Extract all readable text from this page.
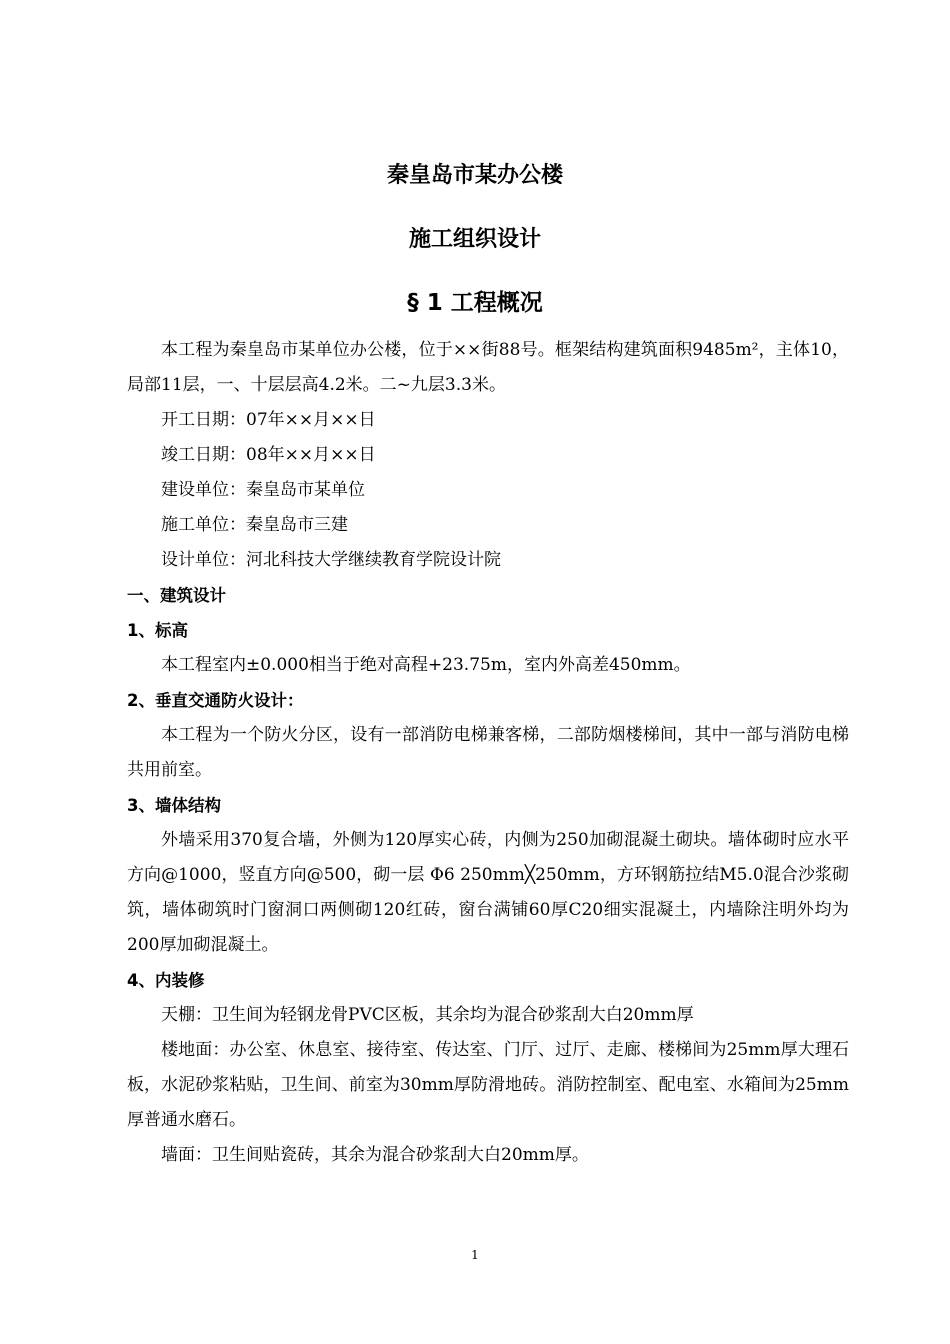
秦皇岛市某办公楼
施工组织设计
§ 1 工程概况

本工程为秦皇岛市某单位办公楼，位于××街88号。框架结构建筑面积9485m²，主体10，局部11层，一、十层层高4.2米。二~九层3.3米。

开工日期：07年××月××日

竣工日期：08年××月××日

建设单位：秦皇岛市某单位

施工单位：秦皇岛市三建

设计单位：河北科技大学继续教育学院设计院

一、建筑设计

1、标高

本工程室内±0.000相当于绝对高程+23.75m，室内外高差450mm。

2、垂直交通防火设计：

本工程为一个防火分区，设有一部消防电梯兼客梯，二部防烟楼梯间，其中一部与消防电梯共用前室。

3、墙体结构

外墙采用370复合墙，外侧为120厚实心砖，内侧为250加砌混凝土砌块。墙体砌时应水平方向@1000，竖直方向@500，砌一层 Φ6 250mm╳250mm，方环钢筋拉结M5.0混合沙浆砌筑，墙体砌筑时门窗洞口两侧砌120红砖，窗台满铺60厚C20细实混凝土，内墙除注明外均为200厚加砌混凝土。

4、内装修

天棚：卫生间为轻钢龙骨PVC区板，其余均为混合砂浆刮大白20mm厚

楼地面：办公室、休息室、接待室、传达室、门厅、过厅、走廊、楼梯间为25mm厚大理石板，水泥砂浆粘贴，卫生间、前室为30mm厚防滑地砖。消防控制室、配电室、水箱间为25mm厚普通水磨石。

墙面：卫生间贴瓷砖，其余为混合砂浆刮大白20mm厚。

1
